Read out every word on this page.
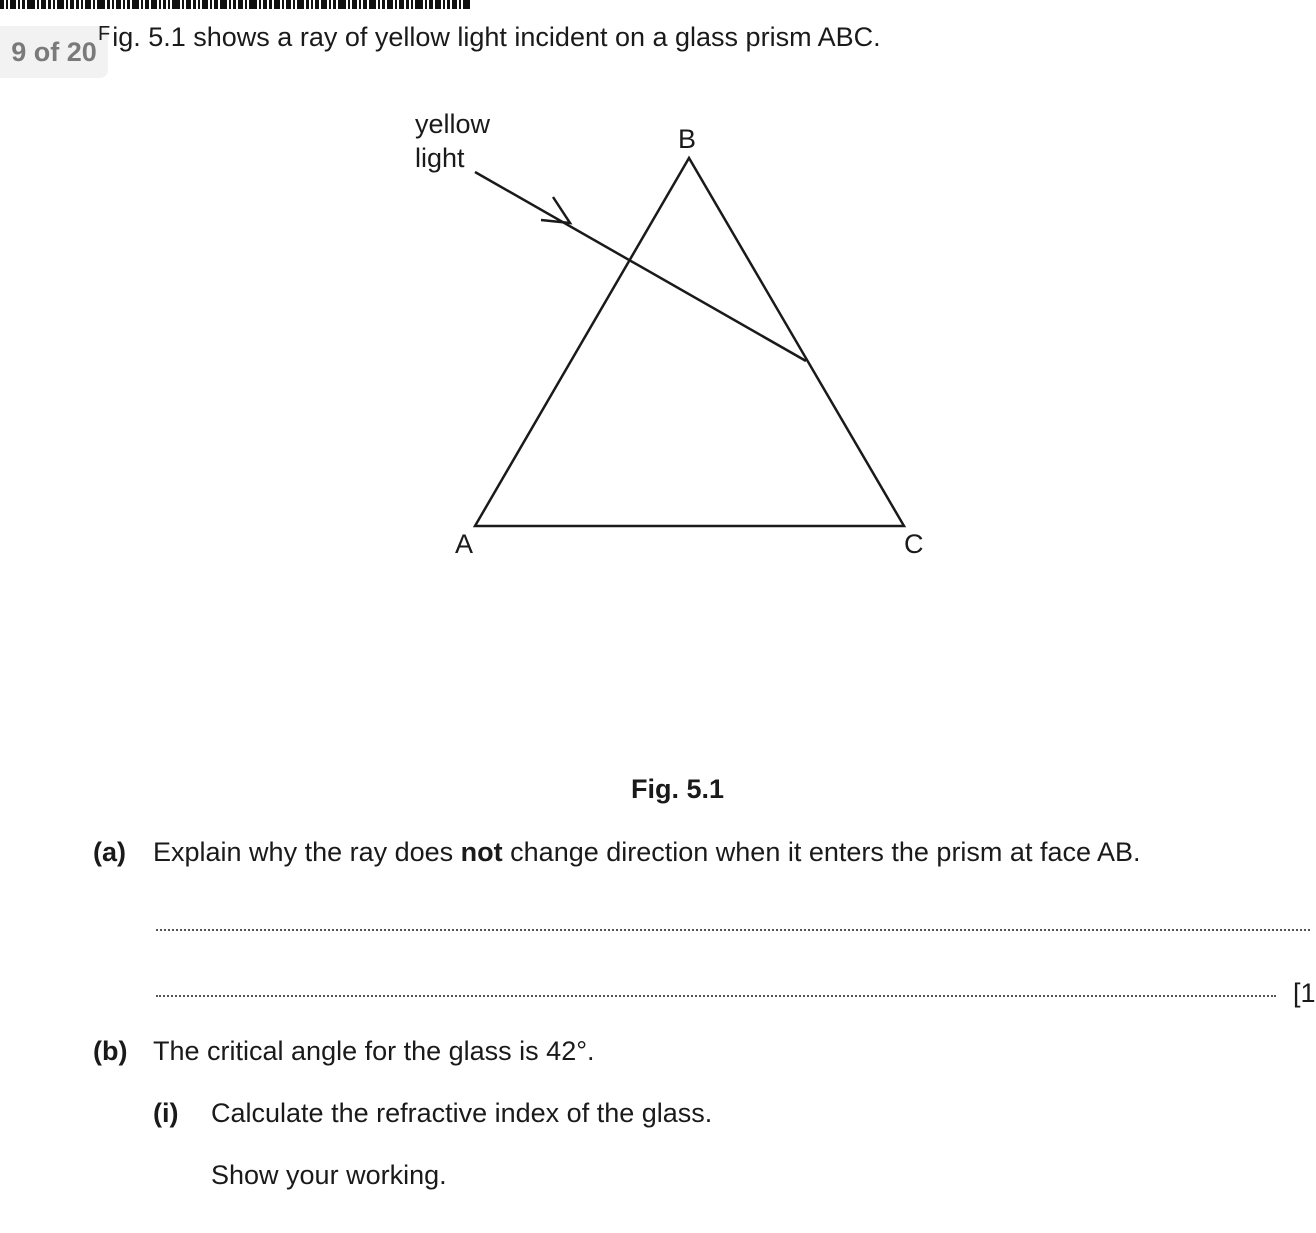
9 of 20
$^F$ig. 5.1 shows a ray of yellow light incident on a glass prism ABC.
yellow
light
B
A	C
Fig. 5.1
(a) Explain why the ray does not change direction when it enters the prism at face AB.
[1
(b) The critical angle for the glass is 42°.
(i) Calculate the refractive index of the glass.
Show your working.
